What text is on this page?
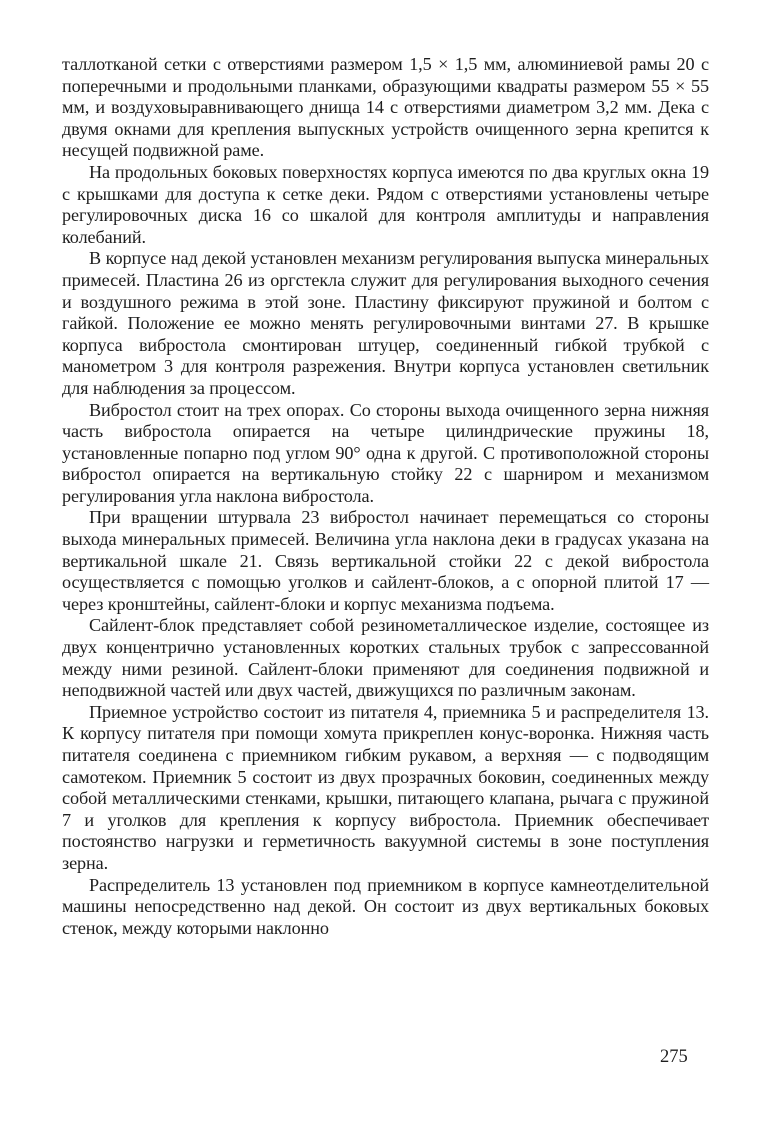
таллотканой сетки с отверстиями размером 1,5 × 1,5 мм, алюминиевой рамы 20 с поперечными и продольными планками, образующими квадраты размером 55 × 55 мм, и воздуховыравнивающего днища 14 с отверстиями диаметром 3,2 мм. Дека с двумя окнами для крепления выпускных устройств очищенного зерна крепится к несущей подвижной раме.

На продольных боковых поверхностях корпуса имеются по два круглых окна 19 с крышками для доступа к сетке деки. Рядом с отверстиями установлены четыре регулировочных диска 16 со шкалой для контроля амплитуды и направления колебаний.

В корпусе над декой установлен механизм регулирования выпуска минеральных примесей. Пластина 26 из оргстекла служит для регулирования выходного сечения и воздушного режима в этой зоне. Пластину фиксируют пружиной и болтом с гайкой. Положение ее можно менять регулировочными винтами 27. В крышке корпуса вибростола смонтирован штуцер, соединенный гибкой трубкой с манометром 3 для контроля разрежения. Внутри корпуса установлен светильник для наблюдения за процессом.

Вибростол стоит на трех опорах. Со стороны выхода очищенного зерна нижняя часть вибростола опирается на четыре цилиндрические пружины 18, установленные попарно под углом 90° одна к другой. С противоположной стороны вибростол опирается на вертикальную стойку 22 с шарниром и механизмом регулирования угла наклона вибростола.

При вращении штурвала 23 вибростол начинает перемещаться со стороны выхода минеральных примесей. Величина угла наклона деки в градусах указана на вертикальной шкале 21. Связь вертикальной стойки 22 с декой вибростола осуществляется с помощью уголков и сайлент-блоков, а с опорной плитой 17 — через кронштейны, сайлент-блоки и корпус механизма подъема.

Сайлент-блок представляет собой резинометаллическое изделие, состоящее из двух концентрично установленных коротких стальных трубок с запрессованной между ними резиной. Сайлент-блоки применяют для соединения подвижной и неподвижной частей или двух частей, движущихся по различным законам.

Приемное устройство состоит из питателя 4, приемника 5 и распределителя 13. К корпусу питателя при помощи хомута прикреплен конус-воронка. Нижняя часть питателя соединена с приемником гибким рукавом, а верхняя — с подводящим самотеком. Приемник 5 состоит из двух прозрачных боковин, соединенных между собой металлическими стенками, крышки, питающего клапана, рычага с пружиной 7 и уголков для крепления к корпусу вибростола. Приемник обеспечивает постоянство нагрузки и герметичность вакуумной системы в зоне поступления зерна.

Распределитель 13 установлен под приемником в корпусе камнеотделительной машины непосредственно над декой. Он состоит из двух вертикальных боковых стенок, между которыми наклонно

275
